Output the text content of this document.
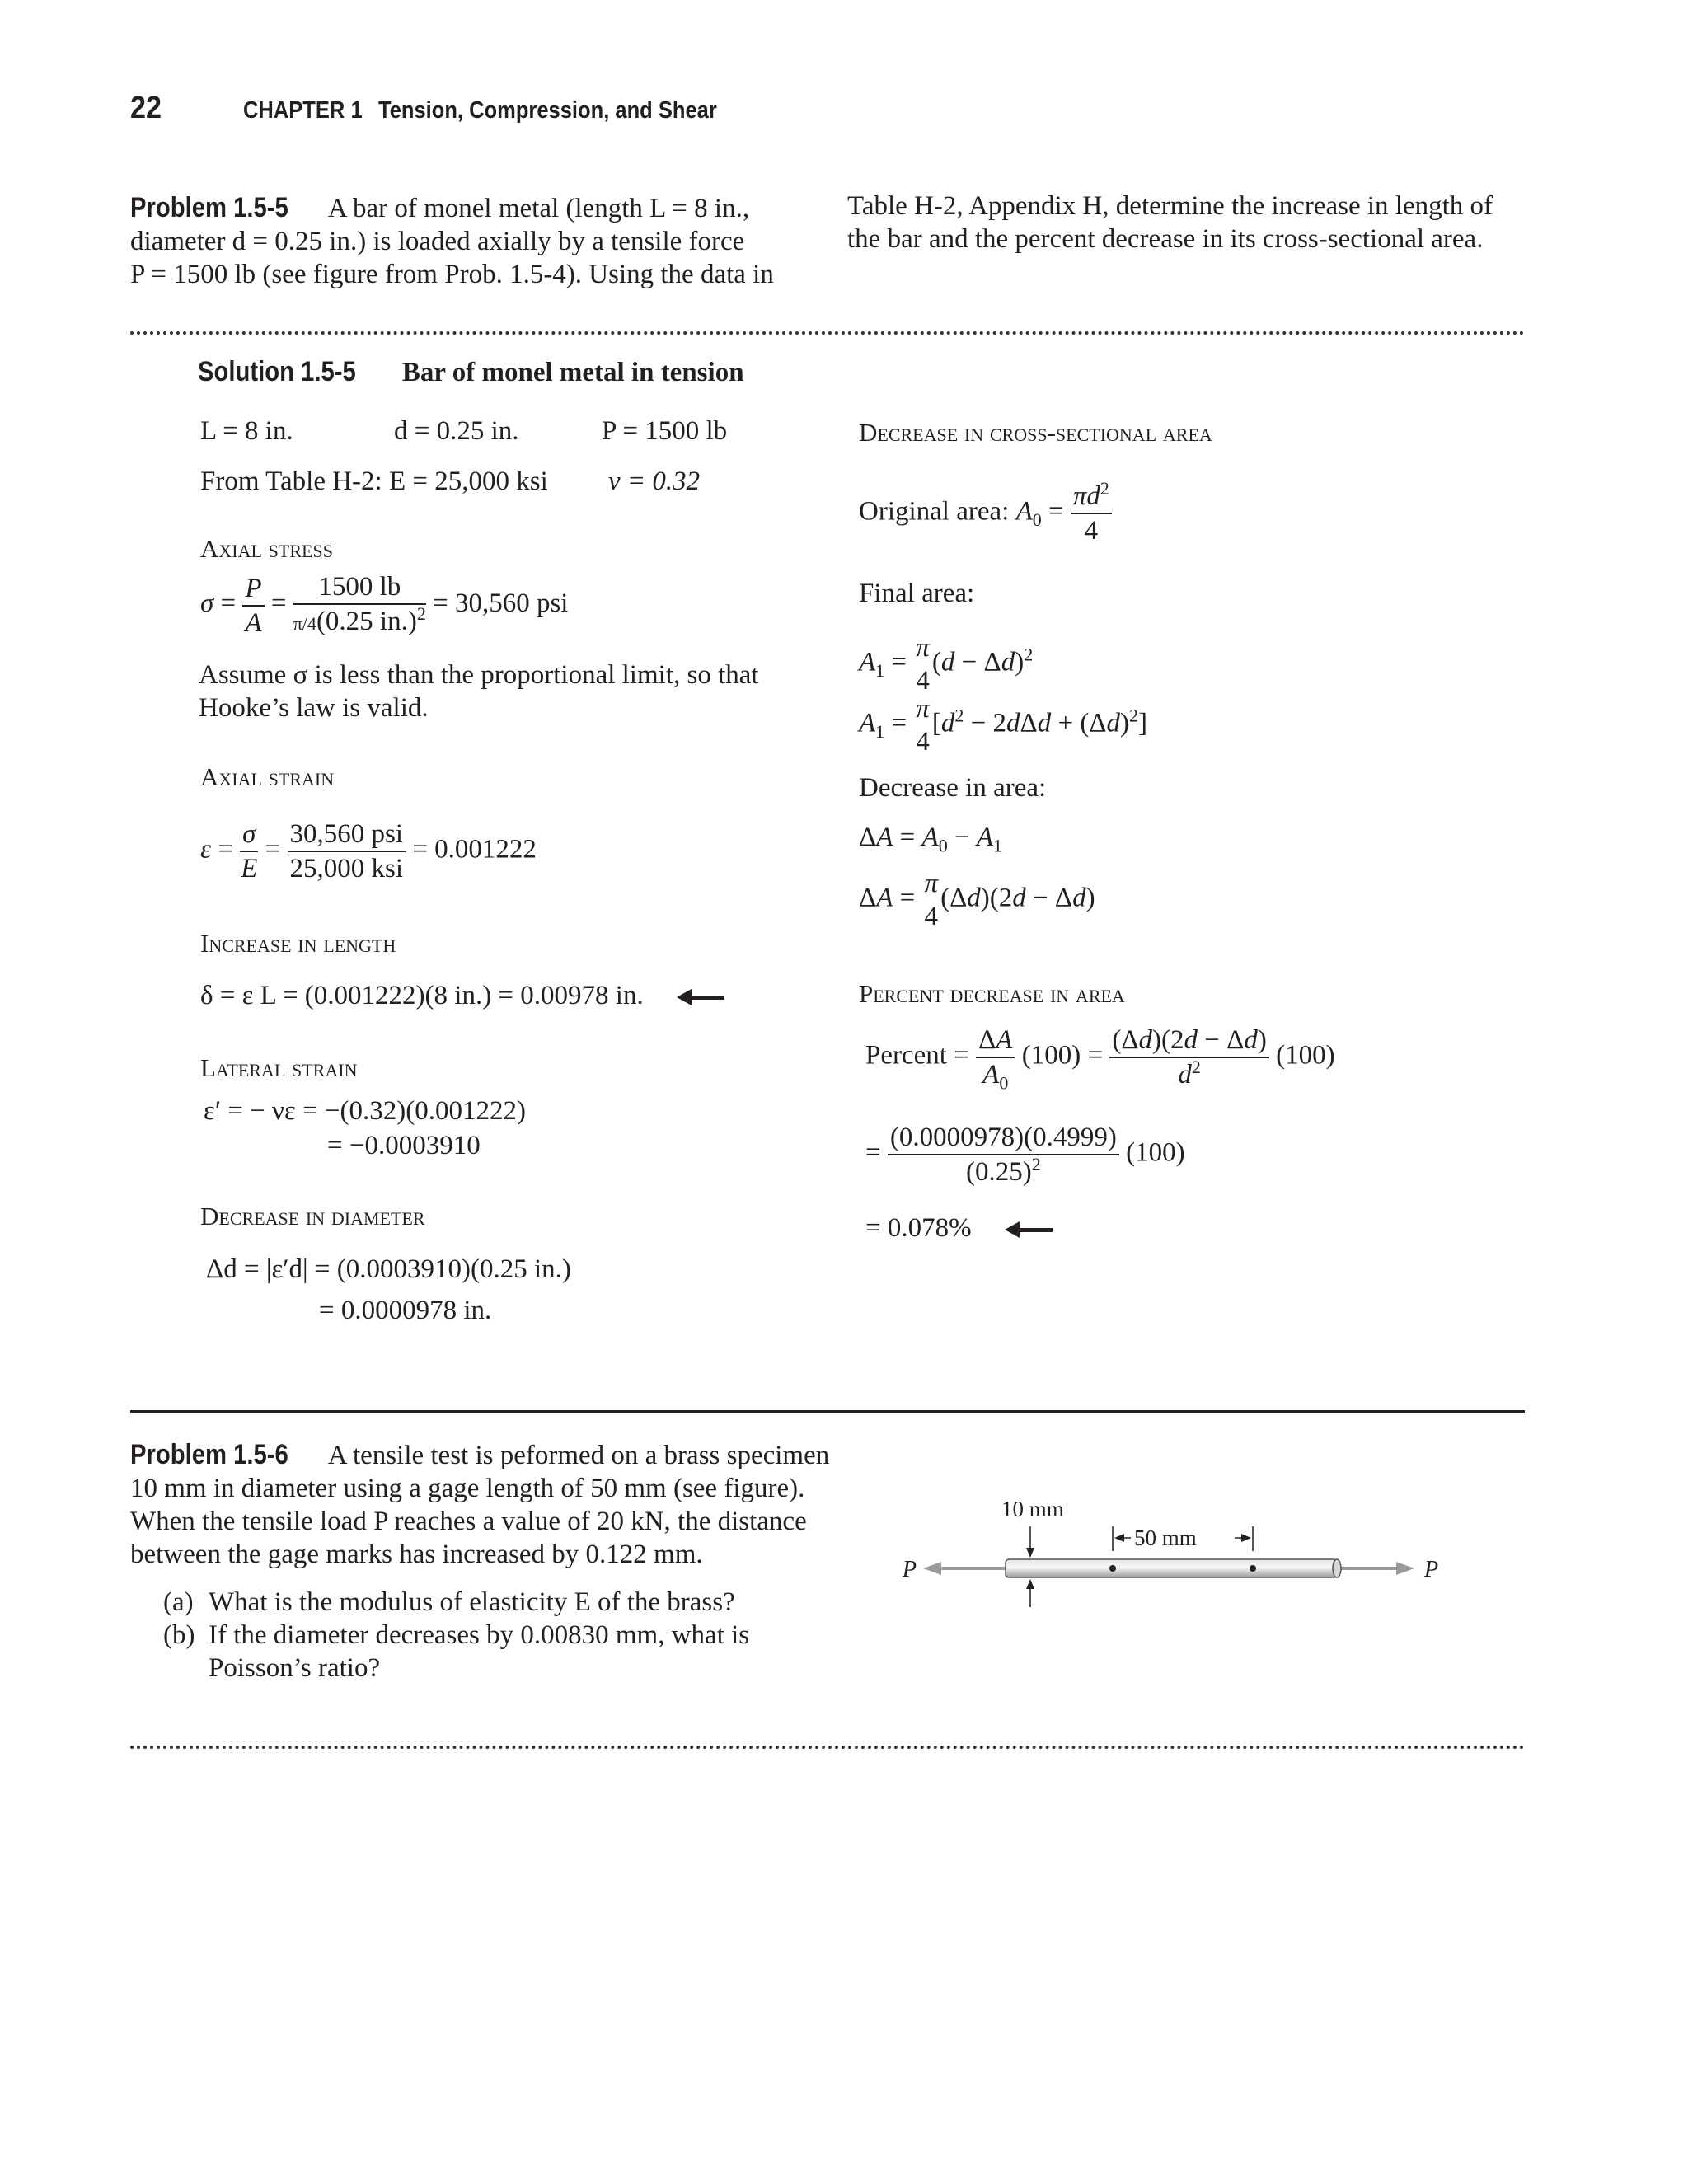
22	CHAPTER 1 Tension, Compression, and Shear
Problem 1.5-5 A bar of monel metal (length L = 8 in.,
diameter d = 0.25 in.) is loaded axially by a tensile force
P = 1500 lb (see figure from Prob. 1.5-4). Using the data in
Table H-2, Appendix H, determine the increase in length of
the bar and the percent decrease in its cross-sectional area.
Solution 1.5-5 Bar of monel metal in tension
L = 8 in.	d = 0.25 in.	P = 1500 lb
From Table H-2: E = 25,000 ksi ν = 0.32
Axial stress
$\sigma = \frac{P}{A} = \frac{1500 lb}{\pi/4(0.25 in.)^2} = 30,560$ psi
Assume σ is less than the proportional limit, so that
Hooke’s law is valid.
Axial strain
$\varepsilon = \frac{\sigma}{E} = \frac{\text{30,560 psi}}{\text{25,000 ksi}} = 0.001222$
Increase in length
δ = ε L = (0.001222)(8 in.) = 0.00978 in.
Lateral strain
ε′ = − νε = −(0.32)(0.001222)
= −0.0003910
Decrease in diameter
Δd = |ε′d| = (0.0003910)(0.25 in.)
= 0.0000978 in.
Decrease in cross-sectional area
Original area: $A_0 = \frac{\pi d^2}{4}$
Final area:
$A_1 = \pi$
4
$(d - \Delta d)^2$
$A_1 = \pi$
4
$[d^2 - 2d\Delta d + (\Delta d)^2]$
Decrease in area:
$\Delta A = A_0 - A_1$
ΔA = π
4
(Δd)(2d − Δd)
Percent decrease in area
Percent = $\frac{\Delta A}{A_0} (100) = \frac{(\Delta d)(2d - \Delta d)}{d^2} (100)$
= $\frac{(0.0000978)(0.4999)}{(0.25)^2} (100)$
= 0.078%
Problem 1.5-6 A tensile test is peformed on a brass specimen
10 mm in diameter using a gage length of 50 mm (see figure).
When the tensile load P reaches a value of 20 kN, the distance
between the gage marks has increased by 0.122 mm.
(a) What is the modulus of elasticity E of the brass?
(b) If the diameter decreases by 0.00830 mm, what is
Poisson’s ratio?
10 mm
50 mm
P	P
